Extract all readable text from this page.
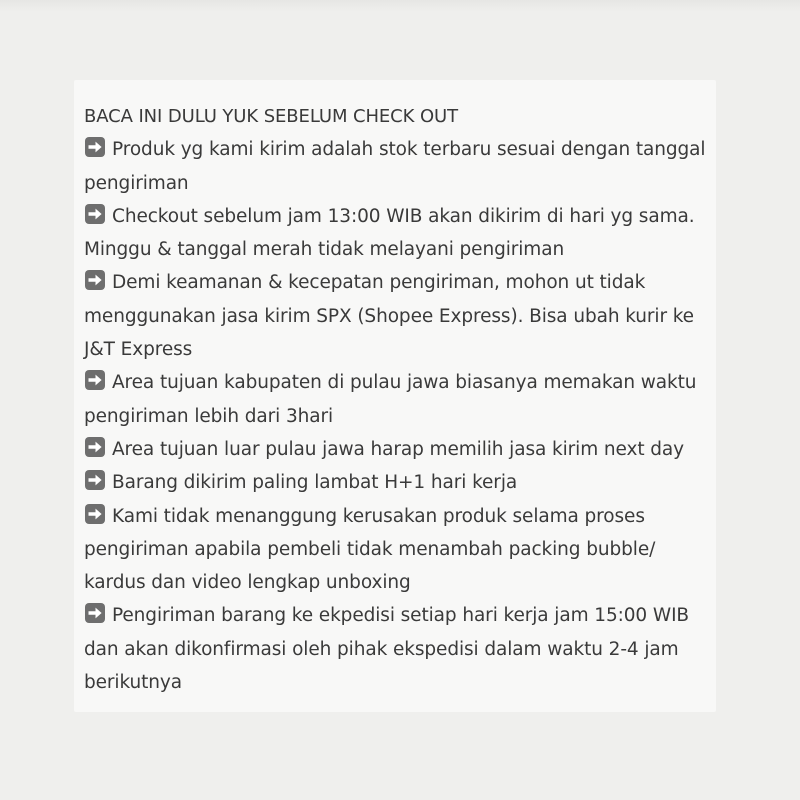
BACA INI DULU YUK SEBELUM CHECK OUT
Produk yg kami kirim adalah stok terbaru sesuai dengan tanggal pengiriman
Checkout sebelum jam 13:00 WIB akan dikirim di hari yg sama. Minggu & tanggal merah tidak melayani pengiriman
Demi keamanan & kecepatan pengiriman, mohon ut tidak menggunakan jasa kirim SPX (Shopee Express). Bisa ubah kurir ke J&T Express
Area tujuan kabupaten di pulau jawa biasanya memakan waktu pengiriman lebih dari 3hari
Area tujuan luar pulau jawa harap memilih jasa kirim next day
Barang dikirim paling lambat H+1 hari kerja
Kami tidak menanggung kerusakan produk selama proses pengiriman apabila pembeli tidak menambah packing bubble/ kardus dan video lengkap unboxing
Pengiriman barang ke ekpedisi setiap hari kerja jam 15:00 WIB dan akan dikonfirmasi oleh pihak ekspedisi dalam waktu 2-4 jam berikutnya
